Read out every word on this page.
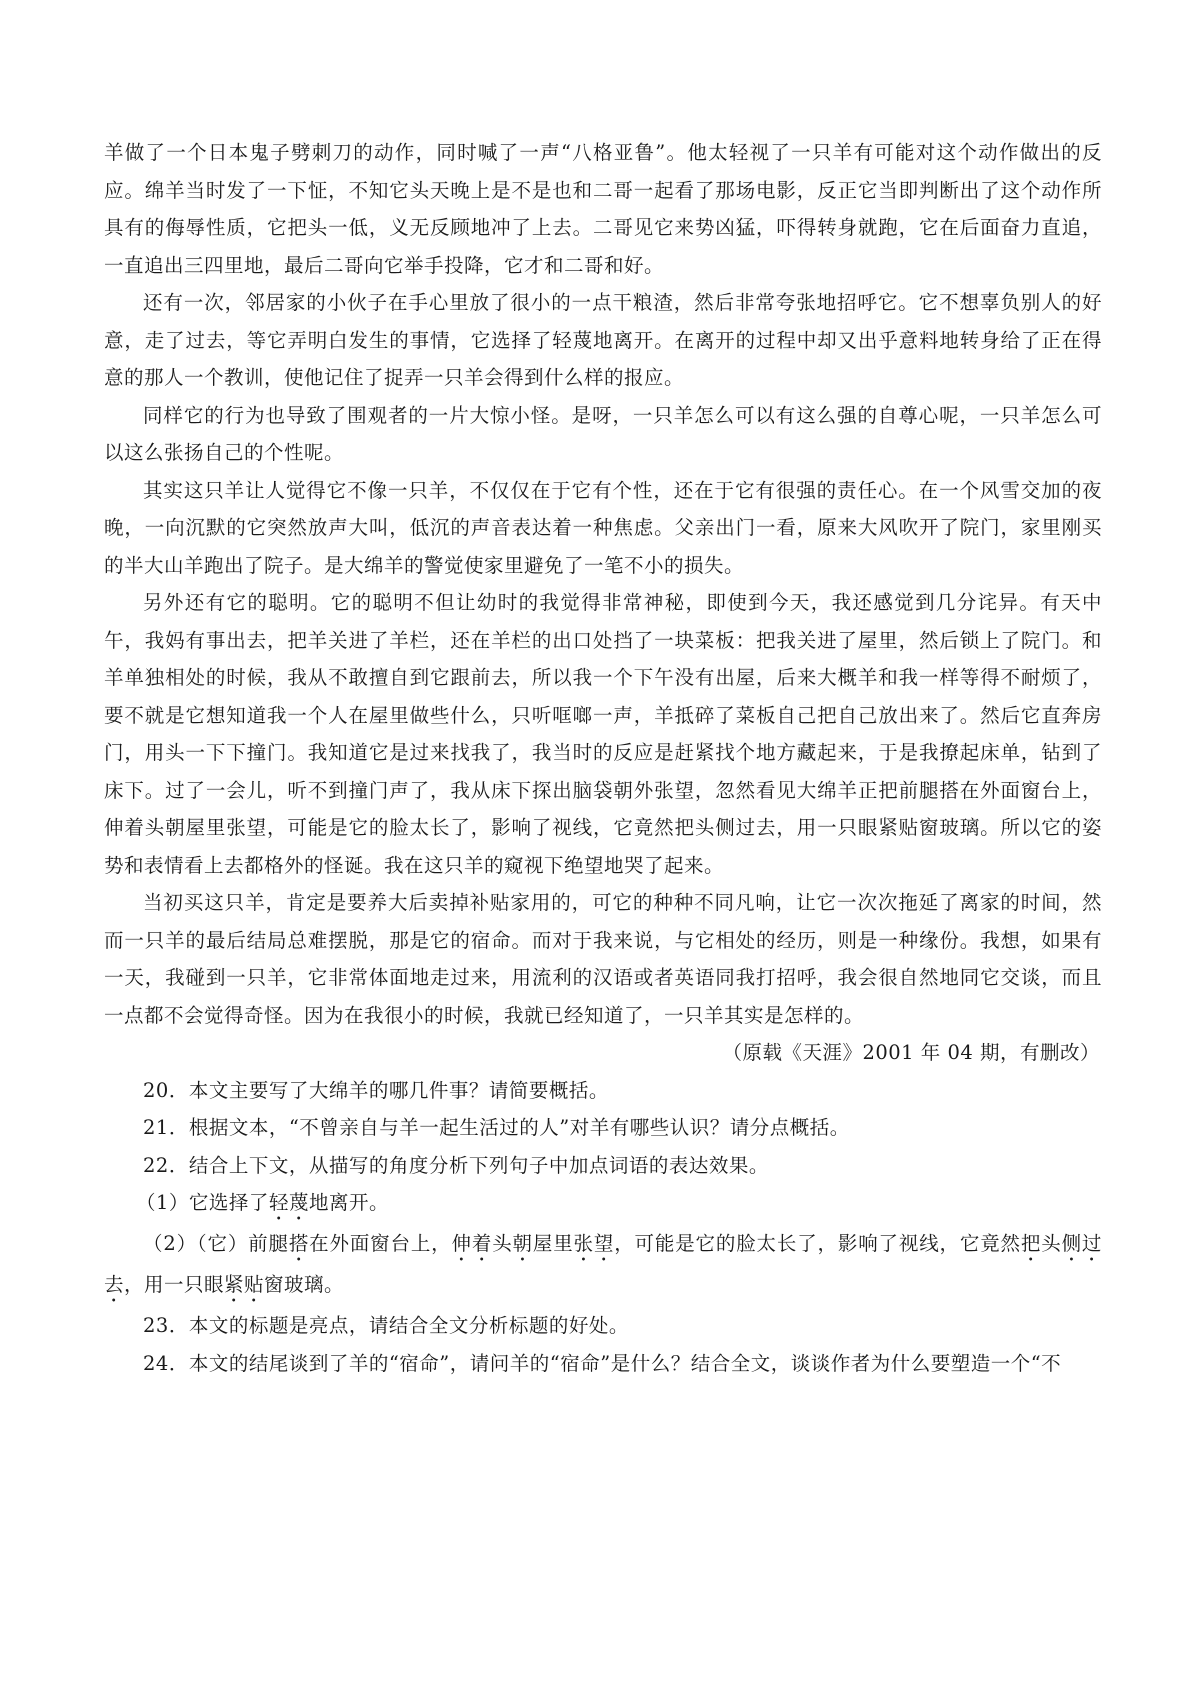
羊做了一个日本鬼子劈刺刀的动作，同时喊了一声“八格亚鲁”。他太轻视了一只羊有可能对这个动作做出的反应。绵羊当时发了一下怔，不知它头天晚上是不是也和二哥一起看了那场电影，反正它当即判断出了这个动作所具有的侮辱性质，它把头一低，义无反顾地冲了上去。二哥见它来势凶猛，吓得转身就跑，它在后面奋力直追，一直追出三四里地，最后二哥向它举手投降，它才和二哥和好。

还有一次，邻居家的小伙子在手心里放了很小的一点干粮渣，然后非常夸张地招呼它。它不想辜负别人的好意，走了过去，等它弄明白发生的事情，它选择了轻蔑地离开。在离开的过程中却又出乎意料地转身给了正在得意的那人一个教训，使他记住了捉弄一只羊会得到什么样的报应。

同样它的行为也导致了围观者的一片大惊小怪。是呀，一只羊怎么可以有这么强的自尊心呢，一只羊怎么可以这么张扬自己的个性呢。

其实这只羊让人觉得它不像一只羊，不仅仅在于它有个性，还在于它有很强的责任心。在一个风雪交加的夜晚，一向沉默的它突然放声大叫，低沉的声音表达着一种焦虑。父亲出门一看，原来大风吹开了院门，家里刚买的半大山羊跑出了院子。是大绵羊的警觉使家里避免了一笔不小的损失。

另外还有它的聪明。它的聪明不但让幼时的我觉得非常神秘，即使到今天，我还感觉到几分诧异。有天中午，我妈有事出去，把羊关进了羊栏，还在羊栏的出口处挡了一块菜板：把我关进了屋里，然后锁上了院门。和羊单独相处的时候，我从不敢擅自到它跟前去，所以我一个下午没有出屋，后来大概羊和我一样等得不耐烦了，要不就是它想知道我一个人在屋里做些什么，只听哐啷一声，羊抵碎了菜板自己把自己放出来了。然后它直奔房门，用头一下下撞门。我知道它是过来找我了，我当时的反应是赶紧找个地方藏起来，于是我撩起床单，钻到了床下。过了一会儿，听不到撞门声了，我从床下探出脑袋朝外张望，忽然看见大绵羊正把前腿搭在外面窗台上，伸着头朝屋里张望，可能是它的脸太长了，影响了视线，它竟然把头侧过去，用一只眼紧贴窗玻璃。所以它的姿势和表情看上去都格外的怪诞。我在这只羊的窥视下绝望地哭了起来。

当初买这只羊，肯定是要养大后卖掉补贴家用的，可它的种种不同凡响，让它一次次拖延了离家的时间，然而一只羊的最后结局总难摆脱，那是它的宿命。而对于我来说，与它相处的经历，则是一种缘份。我想，如果有一天，我碰到一只羊，它非常体面地走过来，用流利的汉语或者英语同我打招呼，我会很自然地同它交谈，而且一点都不会觉得奇怪。因为在我很小的时候，我就已经知道了，一只羊其实是怎样的。

（原载《天涯》2001 年 04 期，有删改）

20．本文主要写了大绵羊的哪几件事？请简要概括。

21．根据文本，“不曾亲自与羊一起生活过的人”对羊有哪些认识？请分点概括。

22．结合上下文，从描写的角度分析下列句子中加点词语的表达效果。

（1）它选择了轻蔑地离开。

（2）（它）前腿搭在外面窗台上，伸着头朝屋里张望，可能是它的脸太长了，影响了视线，它竟然把头侧过去，用一只眼紧贴窗玻璃。

23．本文的标题是亮点，请结合全文分析标题的好处。

24．本文的结尾谈到了羊的“宿命”，请问羊的“宿命”是什么？结合全文，谈谈作者为什么要塑造一个“不
